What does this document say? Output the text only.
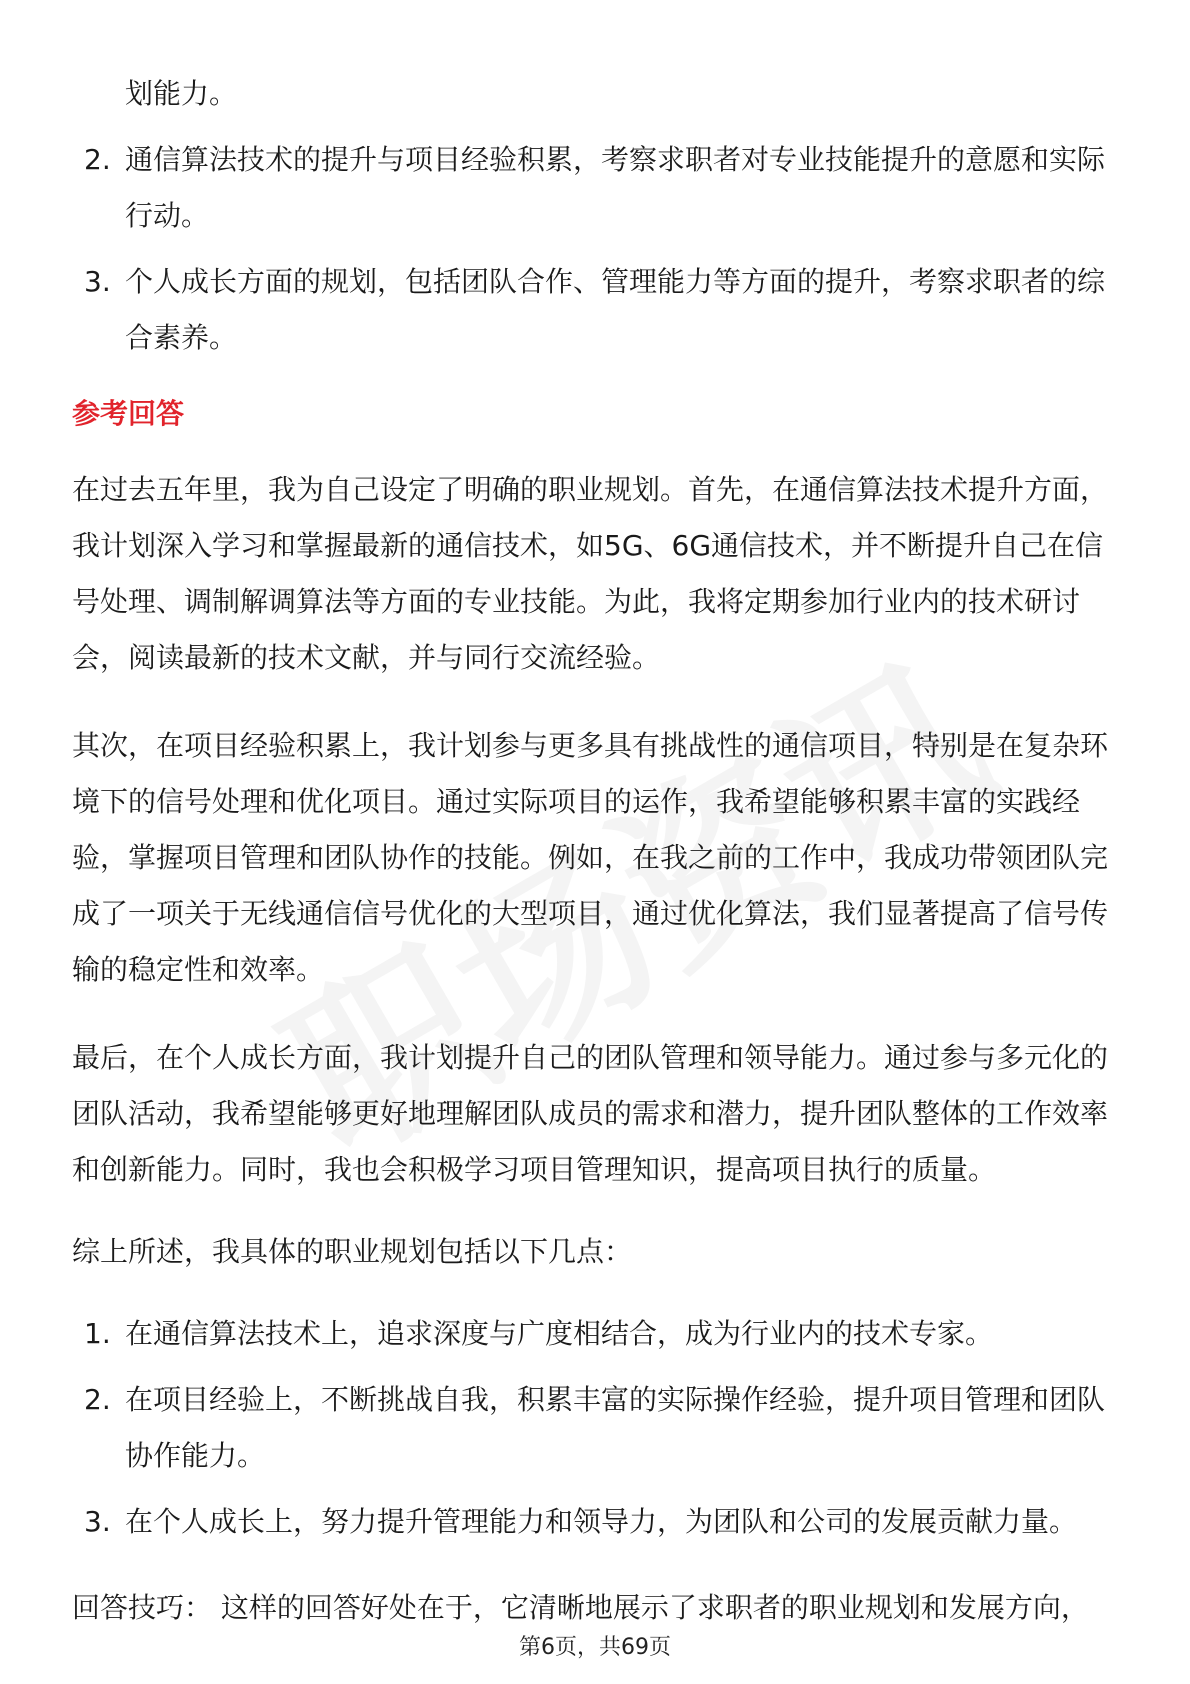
划能力。
2. 通信算法技术的提升与项目经验积累，考察求职者对专业技能提升的意愿和实际行动。
3. 个人成长方面的规划，包括团队合作、管理能力等方面的提升，考察求职者的综合素养。
参考回答

在过去五年里，我为自己设定了明确的职业规划。首先，在通信算法技术提升方面，我计划深入学习和掌握最新的通信技术，如5G、6G通信技术，并不断提升自己在信号处理、调制解调算法等方面的专业技能。为此，我将定期参加行业内的技术研讨会，阅读最新的技术文献，并与同行交流经验。

其次，在项目经验积累上，我计划参与更多具有挑战性的通信项目，特别是在复杂环境下的信号处理和优化项目。通过实际项目的运作，我希望能够积累丰富的实践经验，掌握项目管理和团队协作的技能。例如，在我之前的工作中，我成功带领团队完成了一项关于无线通信信号优化的大型项目，通过优化算法，我们显著提高了信号传输的稳定性和效率。

最后，在个人成长方面，我计划提升自己的团队管理和领导能力。通过参与多元化的团队活动，我希望能够更好地理解团队成员的需求和潜力，提升团队整体的工作效率和创新能力。同时，我也会积极学习项目管理知识，提高项目执行的质量。

综上所述，我具体的职业规划包括以下几点：

1. 在通信算法技术上，追求深度与广度相结合，成为行业内的技术专家。
2. 在项目经验上，不断挑战自我，积累丰富的实际操作经验，提升项目管理和团队协作能力。
3. 在个人成长上，努力提升管理能力和领导力，为团队和公司的发展贡献力量。

回答技巧： 这样的回答好处在于，它清晰地展示了求职者的职业规划和发展方向，

第6页，共69页
